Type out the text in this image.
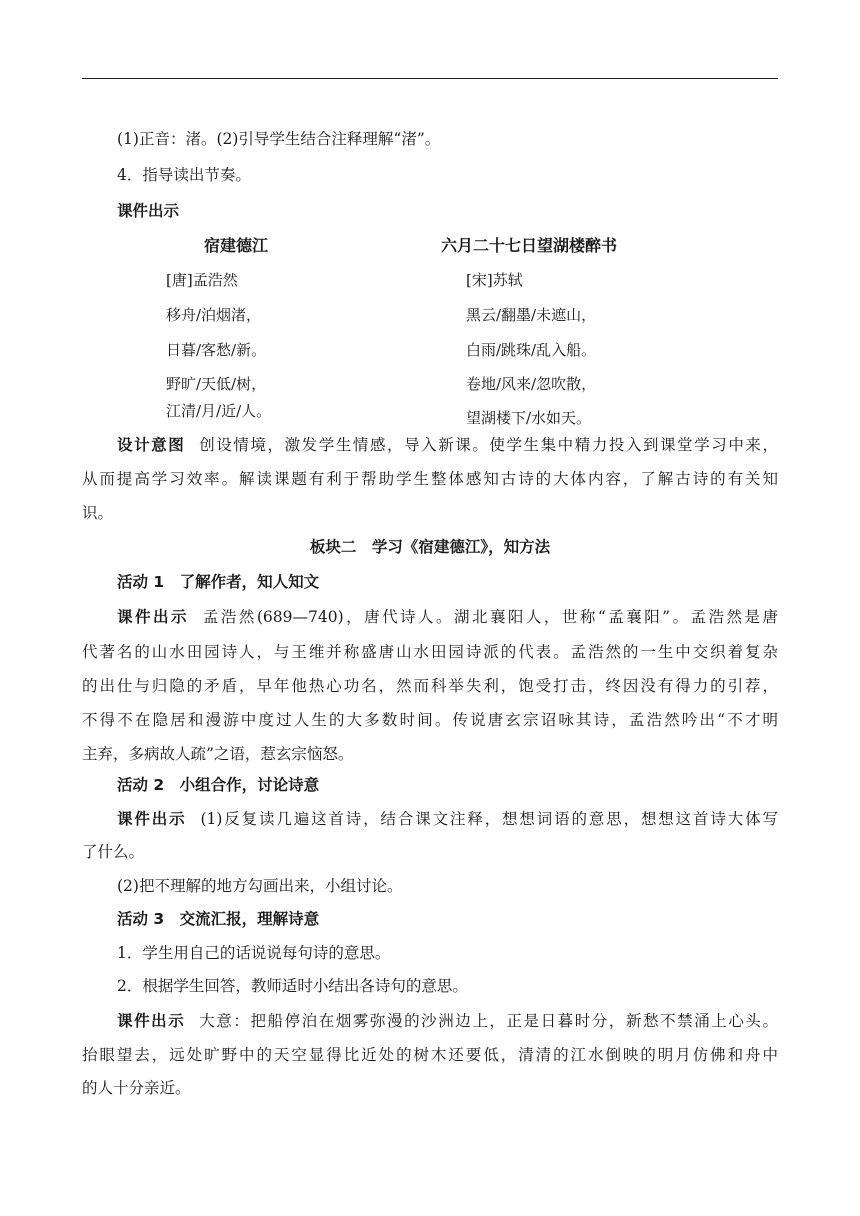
(1)正音：渚。(2)引导学生结合注释理解“渚”。
4．指导读出节奏。
课件出示
宿建德江
[唐]孟浩然
移舟/泊烟渚，
日暮/客愁/新。
野旷/天低/树，
江清/月/近/人。
六月二十七日望湖楼醉书
[宋]苏轼
黑云/翻墨/未遮山，
白雨/跳珠/乱入船。
卷地/风来/忽吹散，
望湖楼下/水如天。
设计意图 创设情境，激发学生情感，导入新课。使学生集中精力投入到课堂学习中来，
从而提高学习效率。解读课题有利于帮助学生整体感知古诗的大体内容，了解古诗的有关知
识。
板块二　学习《宿建德江》，知方法
活动 1　了解作者，知人知文
课件出示 孟浩然(689—740)，唐代诗人。湖北襄阳人，世称“孟襄阳”。孟浩然是唐
代著名的山水田园诗人，与王维并称盛唐山水田园诗派的代表。孟浩然的一生中交织着复杂
的出仕与归隐的矛盾，早年他热心功名，然而科举失利，饱受打击，终因没有得力的引荐，
不得不在隐居和漫游中度过人生的大多数时间。传说唐玄宗诏咏其诗，孟浩然吟出“不才明
主弃，多病故人疏”之语，惹玄宗恼怒。
活动 2　小组合作，讨论诗意
课件出示 (1)反复读几遍这首诗，结合课文注释，想想词语的意思，想想这首诗大体写
了什么。
(2)把不理解的地方勾画出来，小组讨论。
活动 3　交流汇报，理解诗意
1．学生用自己的话说说每句诗的意思。
2．根据学生回答，教师适时小结出各诗句的意思。
课件出示 大意：把船停泊在烟雾弥漫的沙洲边上，正是日暮时分，新愁不禁涌上心头。
抬眼望去，远处旷野中的天空显得比近处的树木还要低，清清的江水倒映的明月仿佛和舟中
的人十分亲近。
